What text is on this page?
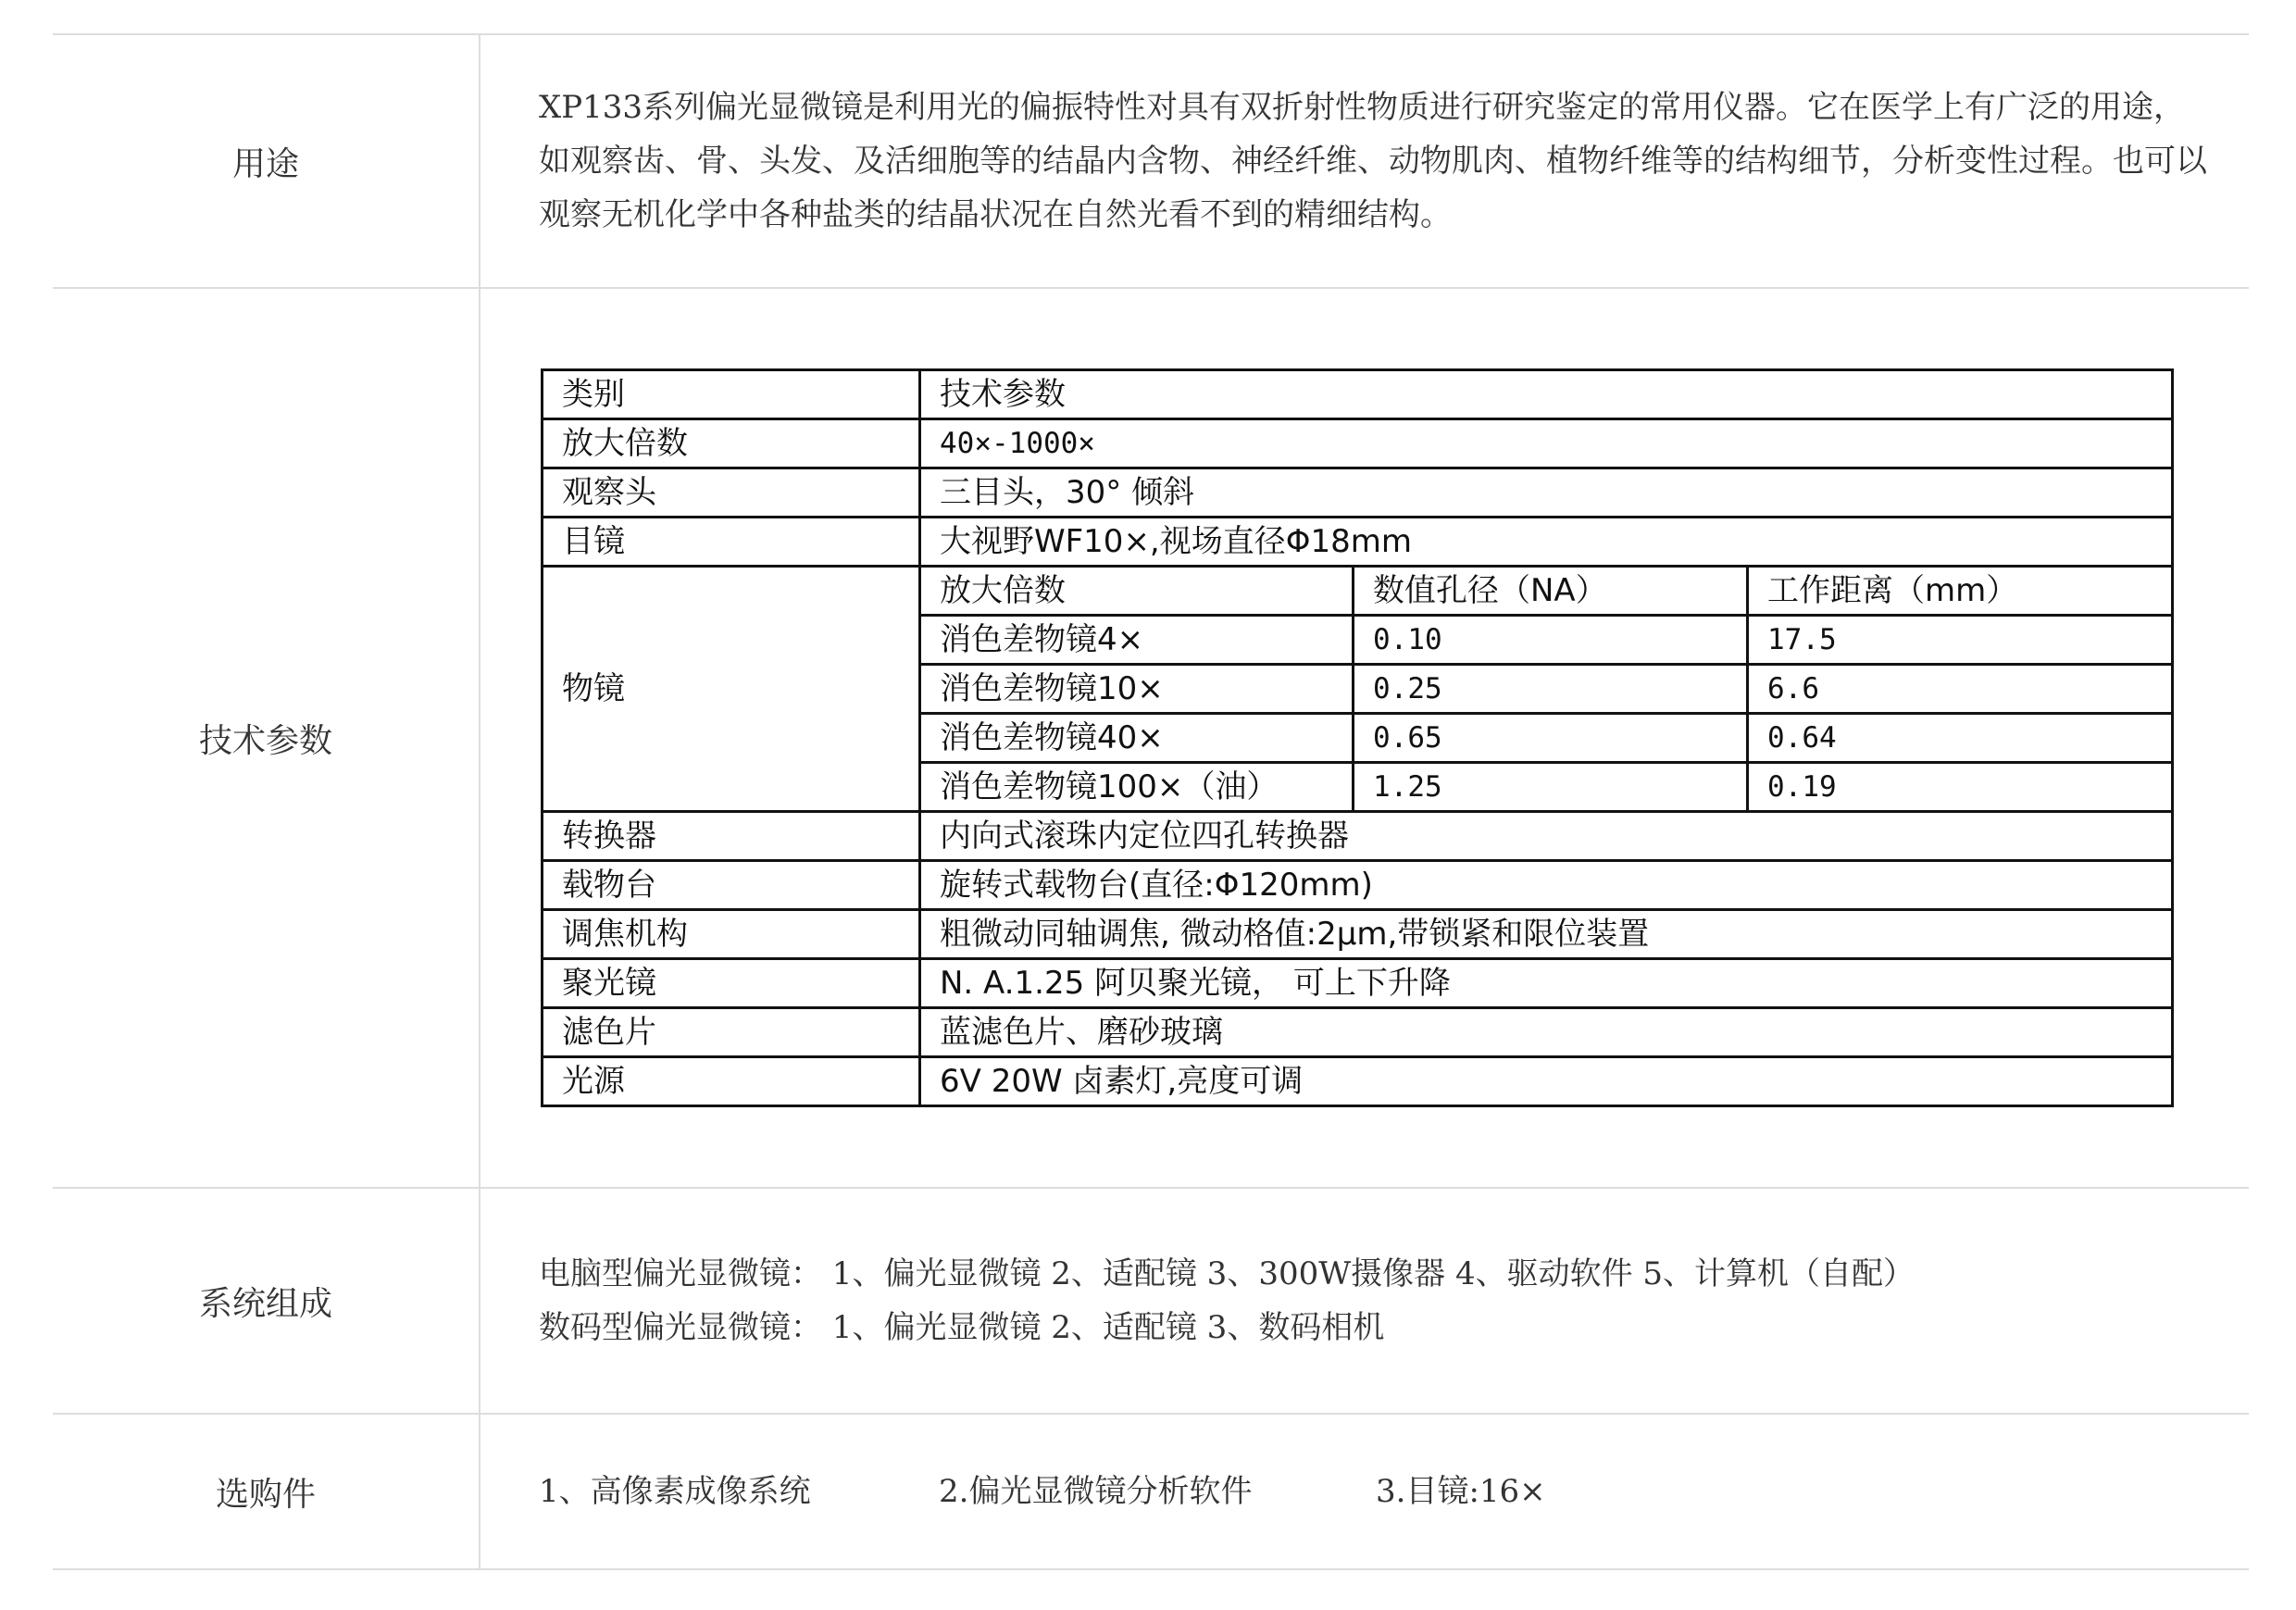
用途	

XP133系列偏光显微镜是利用光的偏振特性对具有双折射性物质进行研究鉴定的常用仪器。它在医学上有广泛的用途，如观察齿、骨、头发、及活细胞等的结晶内含物、神经纤维、动物肌肉、植物纤维等的结构细节，分析变性过程。也可以观察无机化学中各种盐类的结晶状况在自然光看不到的精细结构。

技术参数	
类别	技术参数
放大倍数	40×-1000×
观察头	三目头，30° 倾斜
目镜	大视野WF10×,视场直径Φ18mm
物镜	放大倍数	数值孔径（NA）	工作距离（mm）
消色差物镜4×	0.10	17.5
消色差物镜10×	0.25	6.6
消色差物镜40×	0.65	0.64
消色差物镜100×（油）	1.25	0.19
转换器	内向式滚珠内定位四孔转换器
载物台	旋转式载物台(直径:Φ120mm)
调焦机构	粗微动同轴调焦, 微动格值:2μm,带锁紧和限位装置
聚光镜	N. A.1.25 阿贝聚光镜， 可上下升降
滤色片	蓝滤色片、磨砂玻璃
光源	6V 20W 卤素灯,亮度可调

系统组成	

电脑型偏光显微镜： 1、偏光显微镜 2、适配镜 3、300W摄像器 4、驱动软件 5、计算机（自配）

数码型偏光显微镜： 1、偏光显微镜 2、适配镜 3、数码相机

选购件	1、高像素成像系统	2.偏光显微镜分析软件	3.目镜:16×
